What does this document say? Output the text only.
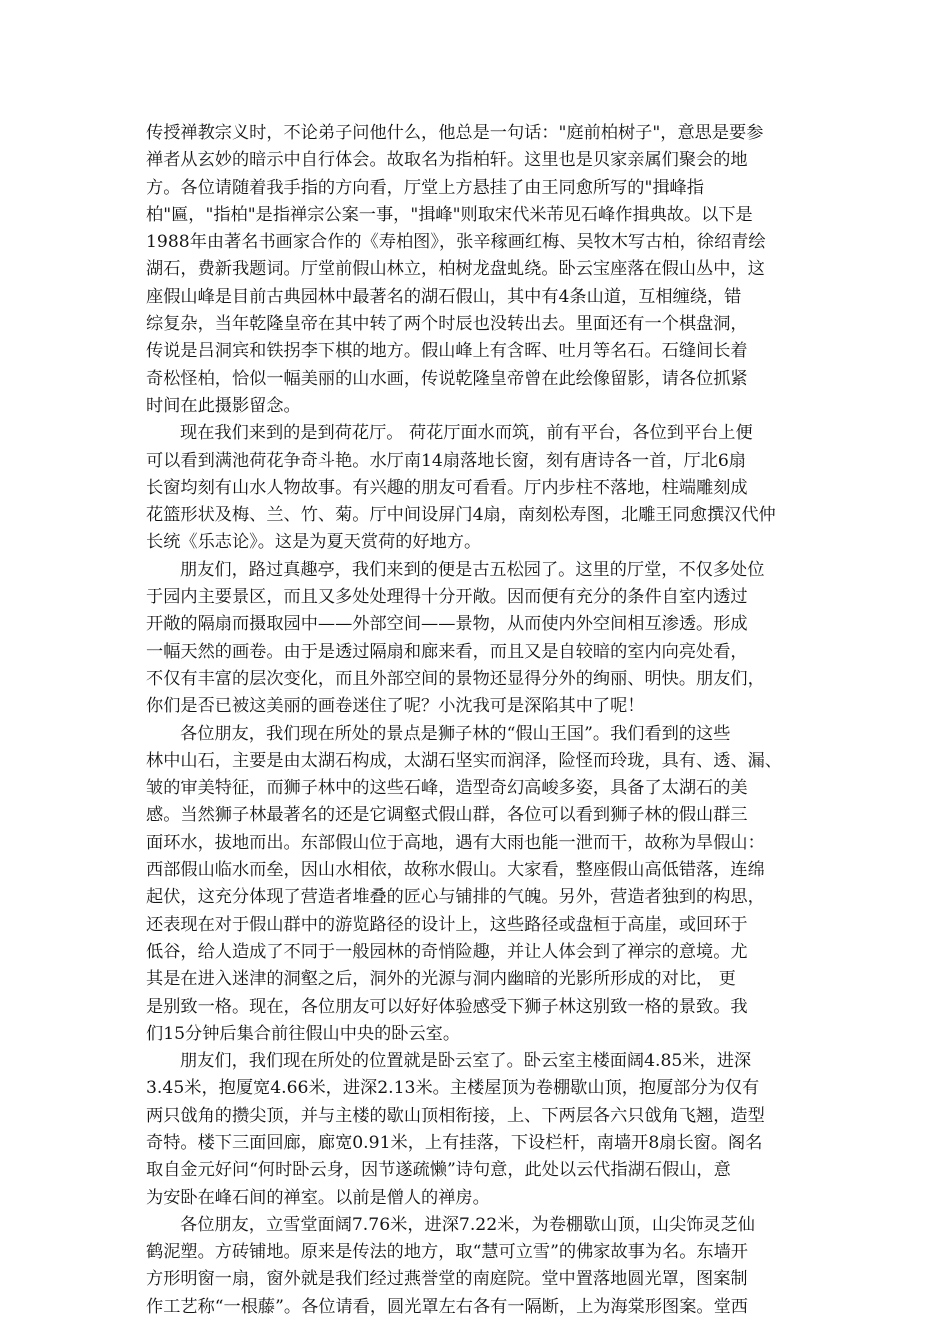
传授禅教宗义时，不论弟子问他什么，他总是一句话："庭前柏树子"，意思是要参
禅者从玄妙的暗示中自行体会。故取名为指柏轩。这里也是贝家亲属们聚会的地
方。各位请随着我手指的方向看，厅堂上方悬挂了由王同愈所写的"揖峰指
柏"匾，"指柏"是指禅宗公案一事，"揖峰"则取宋代米芾见石峰作揖典故。以下是
1988年由著名书画家合作的《寿柏图》，张辛稼画红梅、吴牧木写古柏，徐绍青绘
湖石，费新我题词。厅堂前假山林立，柏树龙盘虬绕。卧云宝座落在假山丛中，这
座假山峰是目前古典园林中最著名的湖石假山，其中有4条山道，互相缠绕，错
综复杂，当年乾隆皇帝在其中转了两个时辰也没转出去。里面还有一个棋盘洞，
传说是吕洞宾和铁拐李下棋的地方。假山峰上有含晖、吐月等名石。石缝间长着
奇松怪柏，恰似一幅美丽的山水画，传说乾隆皇帝曾在此绘像留影，请各位抓紧
时间在此摄影留念。
现在我们来到的是到荷花厅。 荷花厅面水而筑，前有平台，各位到平台上便
可以看到满池荷花争奇斗艳。水厅南14扇落地长窗，刻有唐诗各一首，厅北6扇
长窗均刻有山水人物故事。有兴趣的朋友可看看。厅内步柱不落地，柱端雕刻成
花篮形状及梅、兰、竹、菊。厅中间设屏门4扇，南刻松寿图，北雕王同愈撰汉代仲
长统《乐志论》。这是为夏天赏荷的好地方。
朋友们，路过真趣亭，我们来到的便是古五松园了。这里的厅堂，不仅多处位
于园内主要景区，而且又多处处理得十分开敞。因而便有充分的条件自室内透过
开敞的隔扇而摄取园中——外部空间——景物，从而使内外空间相互渗透。形成
一幅天然的画卷。由于是透过隔扇和廊来看，而且又是自较暗的室内向亮处看，
不仅有丰富的层次变化，而且外部空间的景物还显得分外的绚丽、明快。朋友们，
你们是否已被这美丽的画卷迷住了呢？小沈我可是深陷其中了呢！
各位朋友，我们现在所处的景点是狮子林的“假山王国”。我们看到的这些
林中山石，主要是由太湖石构成，太湖石坚实而润泽，险怪而玲珑，具有、透、漏、
皱的审美特征，而狮子林中的这些石峰，造型奇幻高峻多姿，具备了太湖石的美
感。当然狮子林最著名的还是它调壑式假山群，各位可以看到狮子林的假山群三
面环水，拔地而出。东部假山位于高地，遇有大雨也能一泄而干，故称为旱假山：
西部假山临水而垒，因山水相依，故称水假山。大家看，整座假山高低错落，连绵
起伏，这充分体现了营造者堆叠的匠心与铺排的气魄。另外，营造者独到的构思，
还表现在对于假山群中的游览路径的设计上，这些路径或盘桓于高崖，或回环于
低谷，给人造成了不同于一般园林的奇悄险趣，并让人体会到了禅宗的意境。尤
其是在进入迷津的洞壑之后，洞外的光源与洞内幽暗的光影所形成的对比， 更
是别致一格。现在，各位朋友可以好好体验感受下狮子林这别致一格的景致。我
们15分钟后集合前往假山中央的卧云室。
朋友们，我们现在所处的位置就是卧云室了。卧云室主楼面阔4.85米，进深
3.45米，抱厦宽4.66米，进深2.13米。主楼屋顶为卷棚歇山顶，抱厦部分为仅有
两只戗角的攒尖顶，并与主楼的歇山顶相衔接，上、下两层各六只戗角飞翘，造型
奇特。楼下三面回廊，廊宽0.91米，上有挂落，下设栏杆，南墙开8扇长窗。阁名
取自金元好问“何时卧云身，因节遂疏懒”诗句意，此处以云代指湖石假山，意
为安卧在峰石间的禅室。以前是僧人的禅房。
各位朋友，立雪堂面阔7.76米，进深7.22米，为卷棚歇山顶，山尖饰灵芝仙
鹤泥塑。方砖铺地。原来是传法的地方，取“慧可立雪”的佛家故事为名。东墙开
方形明窗一扇，窗外就是我们经过燕誉堂的南庭院。堂中置落地圆光罩，图案制
作工艺称“一根藤”。各位请看，圆光罩左右各有一隔断，上为海棠形图案。堂西
